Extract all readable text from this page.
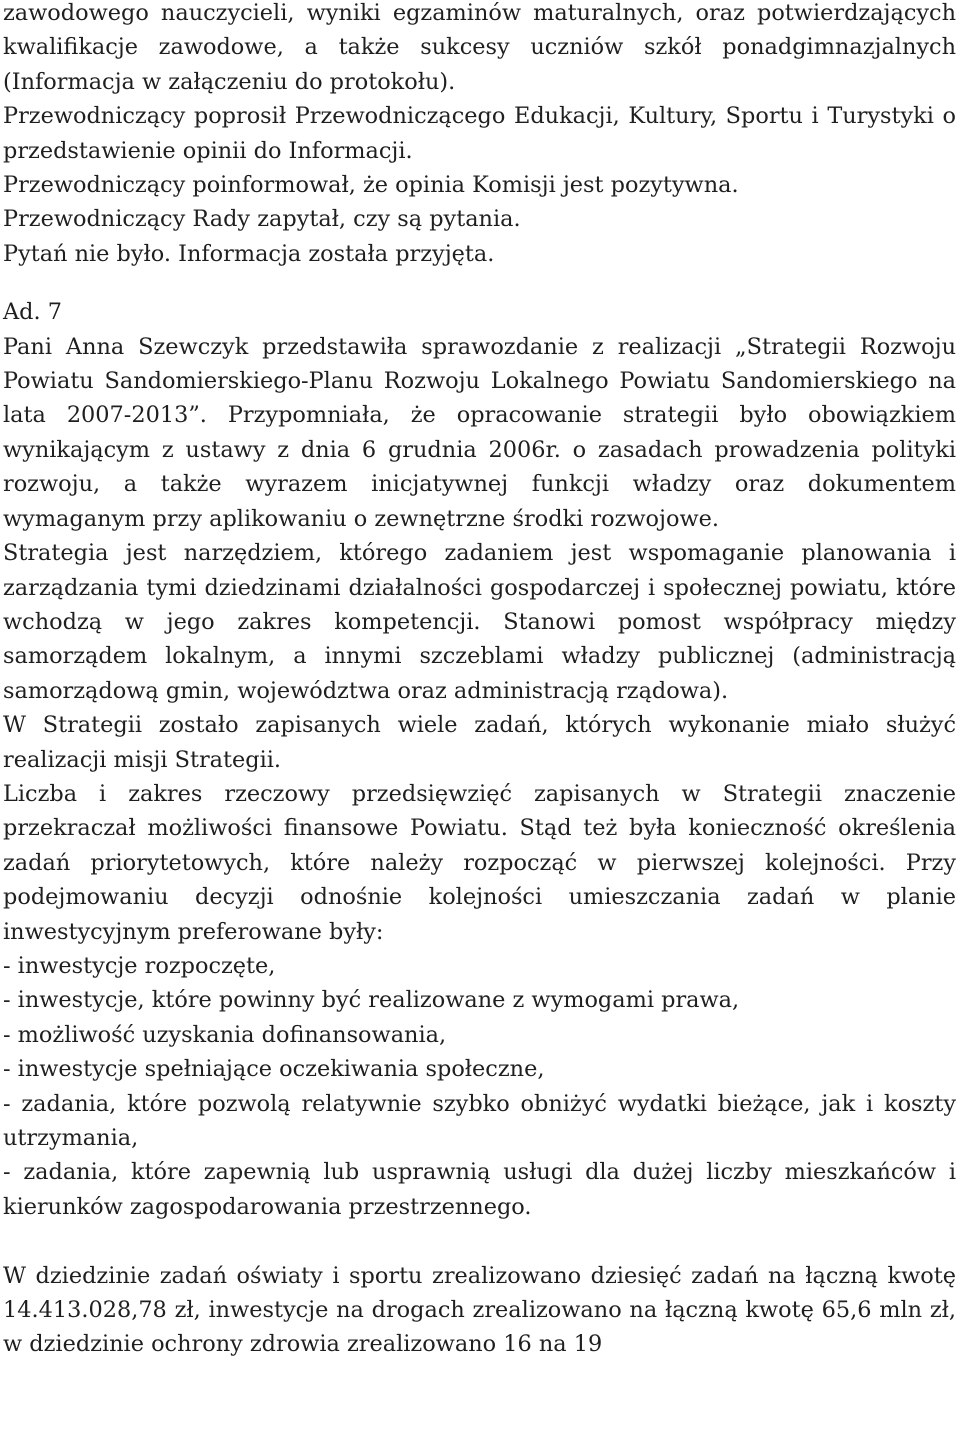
zawodowego nauczycieli, wyniki egzaminów maturalnych, oraz potwierdzających kwalifikacje zawodowe, a także sukcesy uczniów szkół ponadgimnazjalnych (Informacja w załączeniu do protokołu).

Przewodniczący poprosił Przewodniczącego Edukacji, Kultury, Sportu i Turystyki o przedstawienie opinii do Informacji.

Przewodniczący poinformował, że opinia Komisji jest pozytywna.

Przewodniczący Rady zapytał, czy są pytania.

Pytań nie było. Informacja została przyjęta.

Ad. 7

Pani Anna Szewczyk przedstawiła sprawozdanie z realizacji „Strategii Rozwoju Powiatu Sandomierskiego-Planu Rozwoju Lokalnego Powiatu Sandomierskiego na lata 2007-2013”. Przypomniała, że opracowanie strategii było obowiązkiem wynikającym z ustawy z dnia 6 grudnia 2006r. o zasadach prowadzenia polityki rozwoju, a także wyrazem inicjatywnej funkcji władzy oraz dokumentem wymaganym przy aplikowaniu o zewnętrzne środki rozwojowe.

Strategia jest narzędziem, którego zadaniem jest wspomaganie planowania i zarządzania tymi dziedzinami działalności gospodarczej i społecznej powiatu, które wchodzą w jego zakres kompetencji. Stanowi pomost współpracy między samorządem lokalnym, a innymi szczeblami władzy publicznej (administracją samorządową gmin, województwa oraz administracją rządowa).

W Strategii zostało zapisanych wiele zadań, których wykonanie miało służyć realizacji misji Strategii.

Liczba i zakres rzeczowy przedsięwzięć zapisanych w Strategii znaczenie przekraczał możliwości finansowe Powiatu. Stąd też była konieczność określenia zadań priorytetowych, które należy rozpocząć w pierwszej kolejności. Przy podejmowaniu decyzji odnośnie kolejności umieszczania zadań w planie inwestycyjnym preferowane były:

- inwestycje rozpoczęte,

- inwestycje, które powinny być realizowane z wymogami prawa,

- możliwość uzyskania dofinansowania,

- inwestycje spełniające oczekiwania społeczne,

- zadania, które pozwolą relatywnie szybko obniżyć wydatki bieżące, jak i koszty utrzymania,

- zadania, które zapewnią lub usprawnią usługi dla dużej liczby mieszkańców i kierunków zagospodarowania przestrzennego.

W dziedzinie zadań oświaty i sportu zrealizowano dziesięć zadań na łączną kwotę 14.413.028,78 zł, inwestycje na drogach zrealizowano na łączną kwotę 65,6 mln zł, w dziedzinie ochrony zdrowia zrealizowano 16 na 19
